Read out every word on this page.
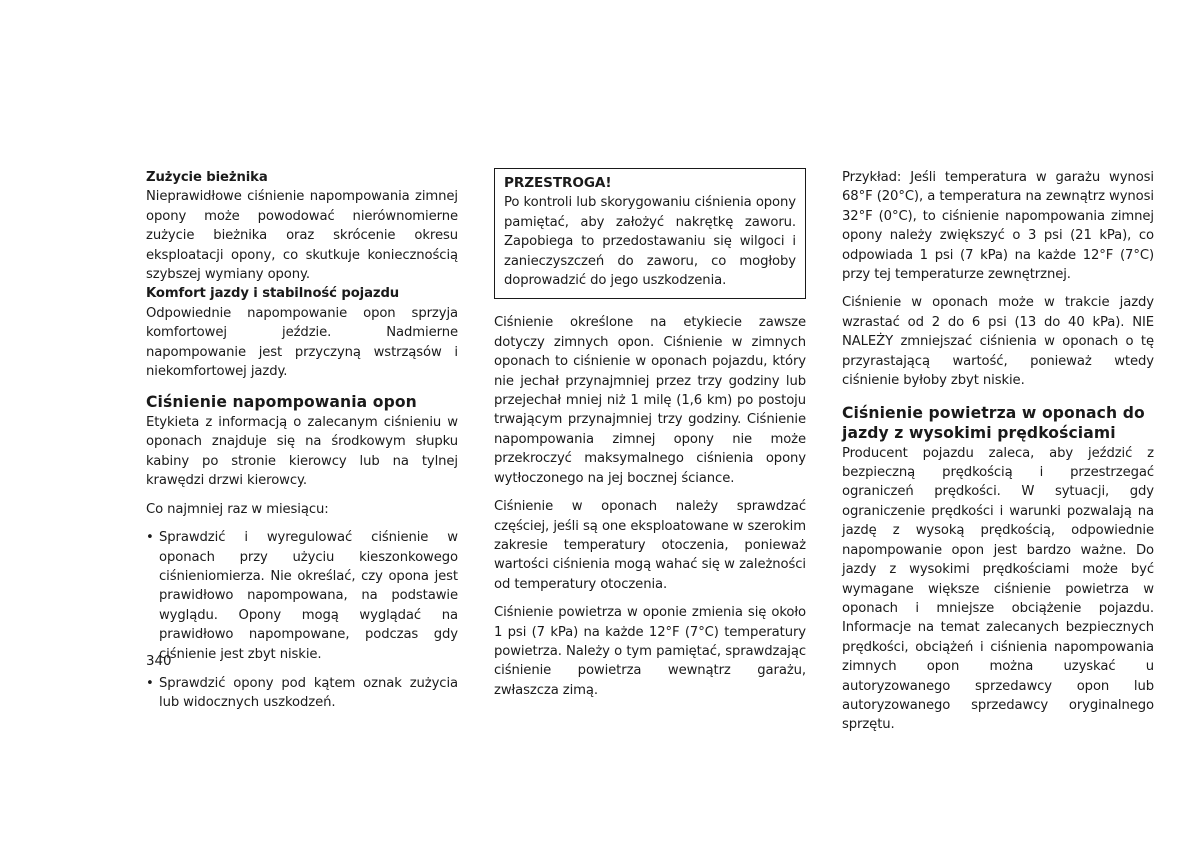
Zużycie bieżnika

Nieprawidłowe ciśnienie napompowania zimnej opony może powodować nierównomierne zużycie bieżnika oraz skrócenie okresu eksploatacji opony, co skutkuje koniecznością szybszej wymiany opony.

Komfort jazdy i stabilność pojazdu

Odpowiednie napompowanie opon sprzyja komfortowej jeździe. Nadmierne napompowanie jest przyczyną wstrząsów i niekomfortowej jazdy.

Ciśnienie napompowania opon

Etykieta z informacją o zalecanym ciśnieniu w oponach znajduje się na środkowym słupku kabiny po stronie kierowcy lub na tylnej krawędzi drzwi kierowcy.

Co najmniej raz w miesiącu:

• Sprawdzić i wyregulować ciśnienie w oponach przy użyciu kieszonkowego ciśnieniomierza. Nie określać, czy opona jest prawidłowo napompowana, na podstawie wyglądu. Opony mogą wyglądać na prawidłowo napompowane, podczas gdy ciśnienie jest zbyt niskie.
• Sprawdzić opony pod kątem oznak zużycia lub widocznych uszkodzeń.

PRZESTROGA!

Po kontroli lub skorygowaniu ciśnienia opony pamiętać, aby założyć nakrętkę zaworu. Zapobiega to przedostawaniu się wilgoci i zanieczyszczeń do zaworu, co mogłoby doprowadzić do jego uszkodzenia.

Ciśnienie określone na etykiecie zawsze dotyczy zimnych opon. Ciśnienie w zimnych oponach to ciśnienie w oponach pojazdu, który nie jechał przynajmniej przez trzy godziny lub przejechał mniej niż 1 milę (1,6 km) po postoju trwającym przynajmniej trzy godziny. Ciśnienie napompowania zimnej opony nie może przekroczyć maksymalnego ciśnienia opony wytłoczonego na jej bocznej ściance.

Ciśnienie w oponach należy sprawdzać częściej, jeśli są one eksploatowane w szerokim zakresie temperatury otoczenia, ponieważ wartości ciśnienia mogą wahać się w zależności od temperatury otoczenia.

Ciśnienie powietrza w oponie zmienia się około 1 psi (7 kPa) na każde 12°F (7°C) temperatury powietrza. Należy o tym pamiętać, sprawdzając ciśnienie powietrza wewnątrz garażu, zwłaszcza zimą.

Przykład: Jeśli temperatura w garażu wynosi 68°F (20°C), a temperatura na zewnątrz wynosi 32°F (0°C), to ciśnienie napompowania zimnej opony należy zwiększyć o 3 psi (21 kPa), co odpowiada 1 psi (7 kPa) na każde 12°F (7°C) przy tej temperaturze zewnętrznej.

Ciśnienie w oponach może w trakcie jazdy wzrastać od 2 do 6 psi (13 do 40 kPa). NIE NALEŻY zmniejszać ciśnienia w oponach o tę przyrastającą wartość, ponieważ wtedy ciśnienie byłoby zbyt niskie.

Ciśnienie powietrza w oponach do jazdy z wysokimi prędkościami

Producent pojazdu zaleca, aby jeździć z bezpieczną prędkością i przestrzegać ograniczeń prędkości. W sytuacji, gdy ograniczenie prędkości i warunki pozwalają na jazdę z wysoką prędkością, odpowiednie napompowanie opon jest bardzo ważne. Do jazdy z wysokimi prędkościami może być wymagane większe ciśnienie powietrza w oponach i mniejsze obciążenie pojazdu. Informacje na temat zalecanych bezpiecznych prędkości, obciążeń i ciśnienia napompowania zimnych opon można uzyskać u autoryzowanego sprzedawcy opon lub autoryzowanego sprzedawcy oryginalnego sprzętu.

340
